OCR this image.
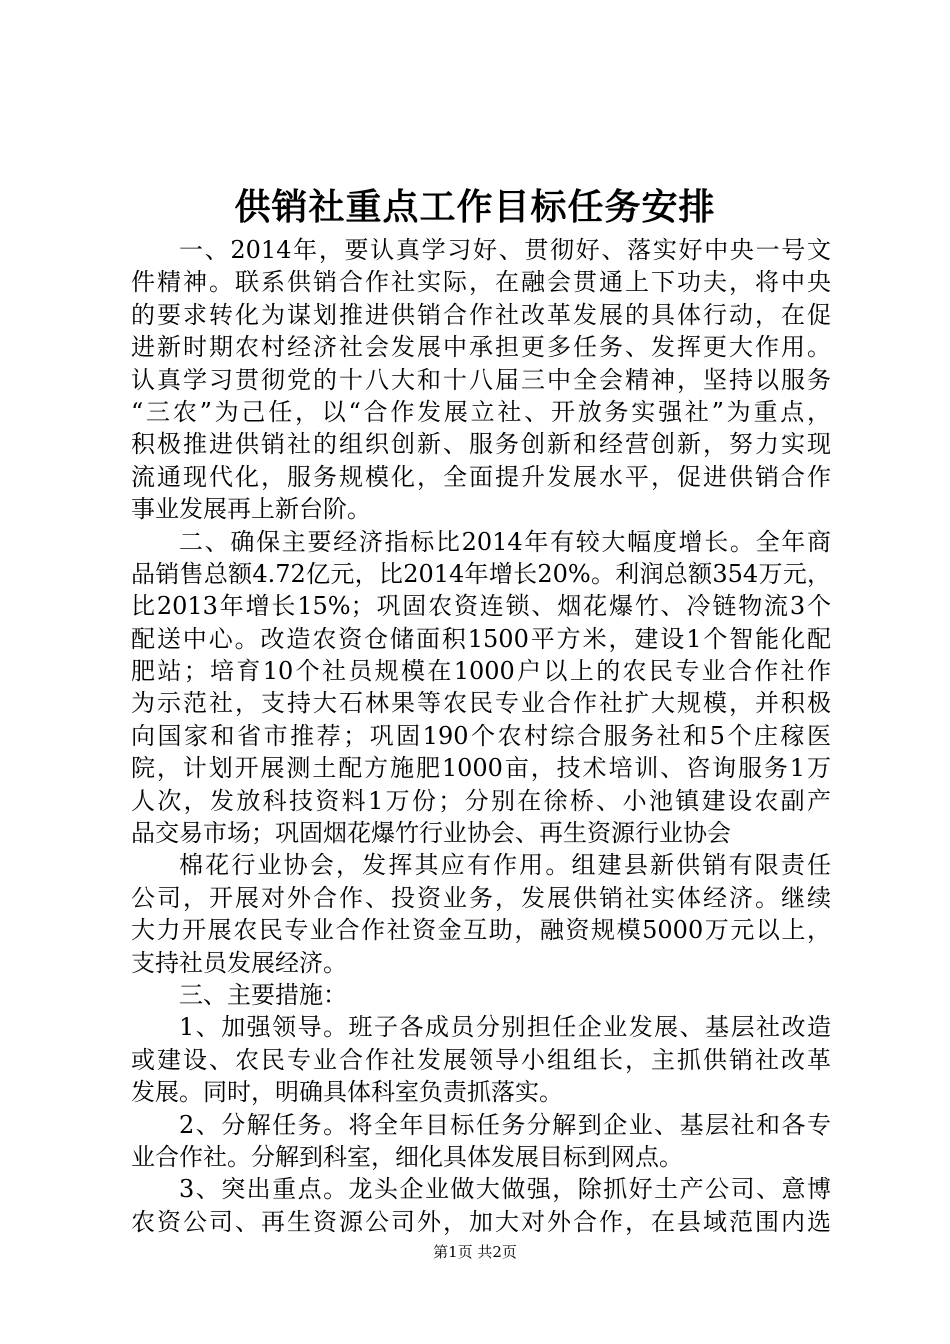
供销社重点工作目标任务安排
一、2014年，要认真学习好、贯彻好、落实好中央一号文
件精神。联系供销合作社实际，在融会贯通上下功夫，将中央
的要求转化为谋划推进供销合作社改革发展的具体行动，在促
进新时期农村经济社会发展中承担更多任务、发挥更大作用。
认真学习贯彻党的十八大和十八届三中全会精神，坚持以服务
“三农”为己任，以“合作发展立社、开放务实强社”为重点，
积极推进供销社的组织创新、服务创新和经营创新，努力实现
流通现代化，服务规模化，全面提升发展水平，促进供销合作
事业发展再上新台阶。
二、确保主要经济指标比2014年有较大幅度增长。全年商
品销售总额4.72亿元，比2014年增长20%。利润总额354万元，
比2013年增长15%；巩固农资连锁、烟花爆竹、冷链物流3个
配送中心。改造农资仓储面积1500平方米，建设1个智能化配
肥站；培育10个社员规模在1000户以上的农民专业合作社作
为示范社，支持大石林果等农民专业合作社扩大规模，并积极
向国家和省市推荐；巩固190个农村综合服务社和5个庄稼医
院，计划开展测土配方施肥1000亩，技术培训、咨询服务1万
人次，发放科技资料1万份；分别在徐桥、小池镇建设农副产
品交易市场；巩固烟花爆竹行业协会、再生资源行业协会
棉花行业协会，发挥其应有作用。组建县新供销有限责任
公司，开展对外合作、投资业务，发展供销社实体经济。继续
大力开展农民专业合作社资金互助，融资规模5000万元以上，
支持社员发展经济。
三、主要措施：
1、加强领导。班子各成员分别担任企业发展、基层社改造
或建设、农民专业合作社发展领导小组组长，主抓供销社改革
发展。同时，明确具体科室负责抓落实。
2、分解任务。将全年目标任务分解到企业、基层社和各专
业合作社。分解到科室，细化具体发展目标到网点。
3、突出重点。龙头企业做大做强，除抓好土产公司、意博
农资公司、再生资源公司外，加大对外合作，在县域范围内选
第1页 共2页
